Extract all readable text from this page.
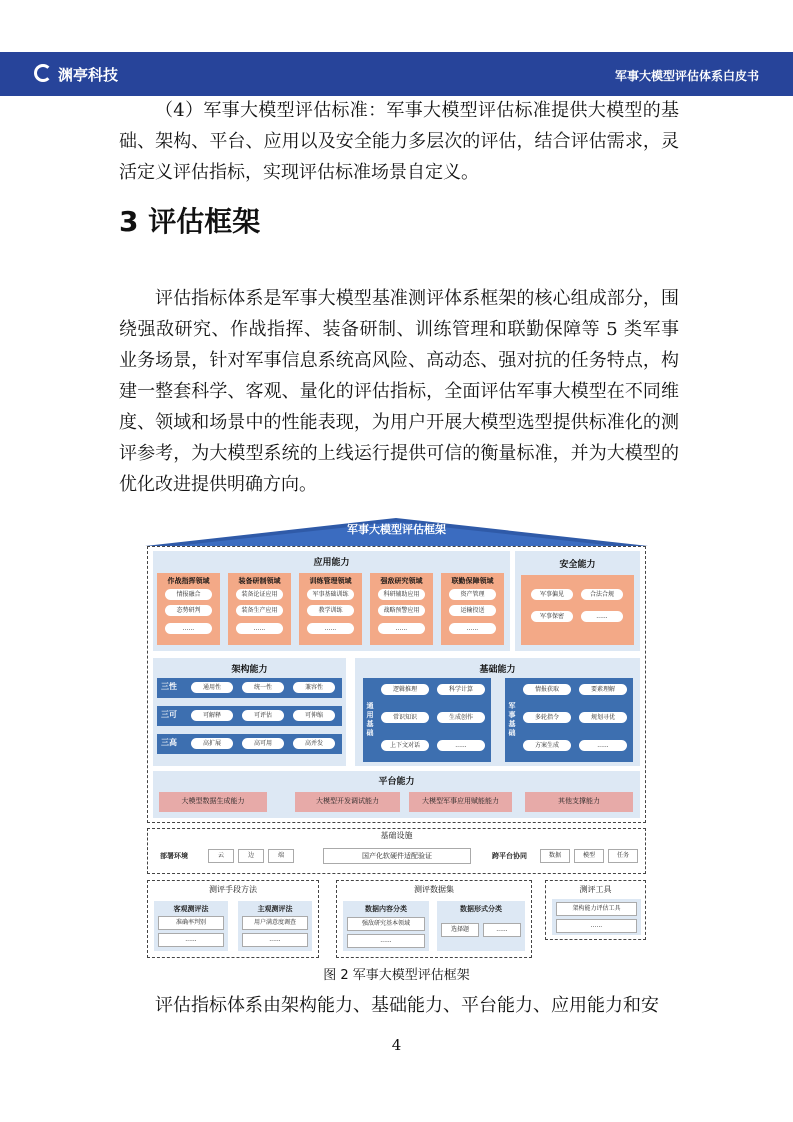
渊亭科技	军事大模型评估体系白皮书

（4）军事大模型评估标准：军事大模型评估标准提供大模型的基础、架构、平台、应用以及安全能力多层次的评估，结合评估需求，灵活定义评估指标，实现评估标准场景自定义。

3 评估框架

评估指标体系是军事大模型基准测评体系框架的核心组成部分，围绕强敌研究、作战指挥、装备研制、训练管理和联勤保障等 5 类军事业务场景，针对军事信息系统高风险、高动态、强对抗的任务特点，构建一整套科学、客观、量化的评估指标，全面评估军事大模型在不同维度、领域和场景中的性能表现，为用户开展大模型选型提供标准化的测评参考，为大模型系统的上线运行提供可信的衡量标准，并为大模型的优化改进提供明确方向。

军事大模型评估框架
应用能力
作战指挥领域
情报融合
态势研判
......
装备研制领域
装备论证应用
装备生产应用
......
训练管理领域
军事基础训练
教学训练
......
强敌研究领域
科研辅助应用
战略预警应用
......
联勤保障领域
资产管理
运输投送
......
安全能力
军事偏见	合法合规
军事保密	......
架构能力
三性	通用性	统一性	兼容性
三可	可解释	可评估	可伸缩
三高	高扩展	高可用	高并发
基础能力
通用基础
逻辑推理	科学计算
常识知识	生成创作
上下文对话	......
军事基础
情报获取	要素理解
多轮指令	规划寻优
方案生成	......
平台能力
大模型数据生成能力	大模型开发调试能力	大模型军事应用赋能能力	其他支撑能力
基础设施
部署环境	云	边	端	国产化软硬件适配验证	跨平台协同	数据	模型	任务
测评手段方法
客观测评法
准确率判别
......
主观测评法
用户满意度调查
......
测评数据集
数据内容分类
强敌研究基本领域
......
数据形式分类
选择题	......
测评工具
架构能力评估工具
......
图 2 军事大模型评估框架

评估指标体系由架构能力、基础能力、平台能力、应用能力和安

4
